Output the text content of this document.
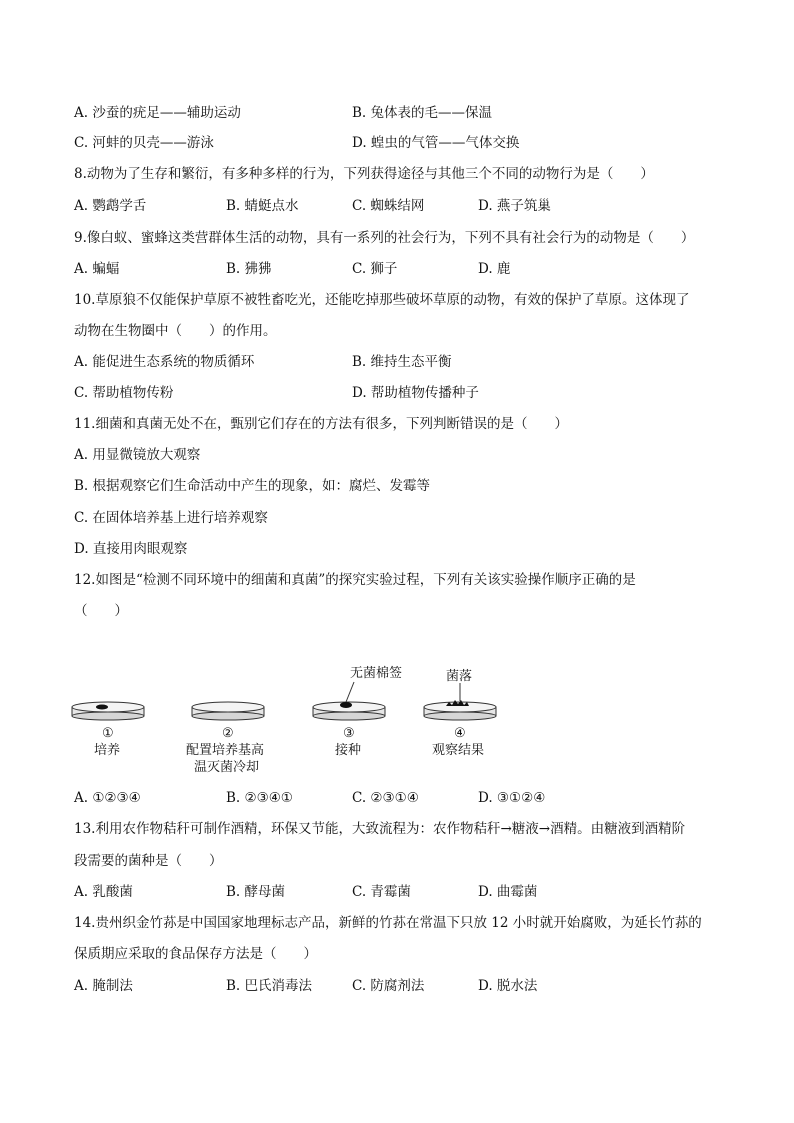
A. 沙蚕的疣足——辅助运动	B. 兔体表的毛——保温
C. 河蚌的贝壳——游泳	D. 蝗虫的气管——气体交换
8.动物为了生存和繁衍，有多种多样的行为，下列获得途径与其他三个不同的动物行为是（　　）
A. 鹦鹉学舌	B. 蜻蜓点水	C. 蜘蛛结网	D. 燕子筑巢
9.像白蚁、蜜蜂这类营群体生活的动物，具有一系列的社会行为，下列不具有社会行为的动物是（　　）
A. 蝙蝠	B. 狒狒	C. 狮子	D. 鹿
10.草原狼不仅能保护草原不被牲畜吃光，还能吃掉那些破坏草原的动物，有效的保护了草原。这体现了
动物在生物圈中（　　）的作用。
A. 能促进生态系统的物质循环	B. 维持生态平衡
C. 帮助植物传粉	D. 帮助植物传播种子
11.细菌和真菌无处不在，甄别它们存在的方法有很多，下列判断错误的是（　　）
A. 用显微镜放大观察
B. 根据观察它们生命活动中产生的现象，如：腐烂、发霉等
C. 在固体培养基上进行培养观察
D. 直接用肉眼观察
12.如图是“检测不同环境中的细菌和真菌”的探究实验过程，下列有关该实验操作顺序正确的是
（　　）
无菌棉签	菌落
①
培养
②
配置培养基高
温灭菌冷却
③
接种
④
观察结果
A. ①②③④	B. ②③④①	C. ②③①④	D. ③①②④
13.利用农作物秸秆可制作酒精，环保又节能，大致流程为：农作物秸秆→糖液→酒精。由糖液到酒精阶
段需要的菌种是（　　）
A. 乳酸菌	B. 酵母菌	C. 青霉菌	D. 曲霉菌
14.贵州织金竹荪是中国国家地理标志产品，新鲜的竹荪在常温下只放 12 小时就开始腐败，为延长竹荪的
保质期应采取的食品保存方法是（　　）
A. 腌制法	B. 巴氏消毒法	C. 防腐剂法	D. 脱水法
